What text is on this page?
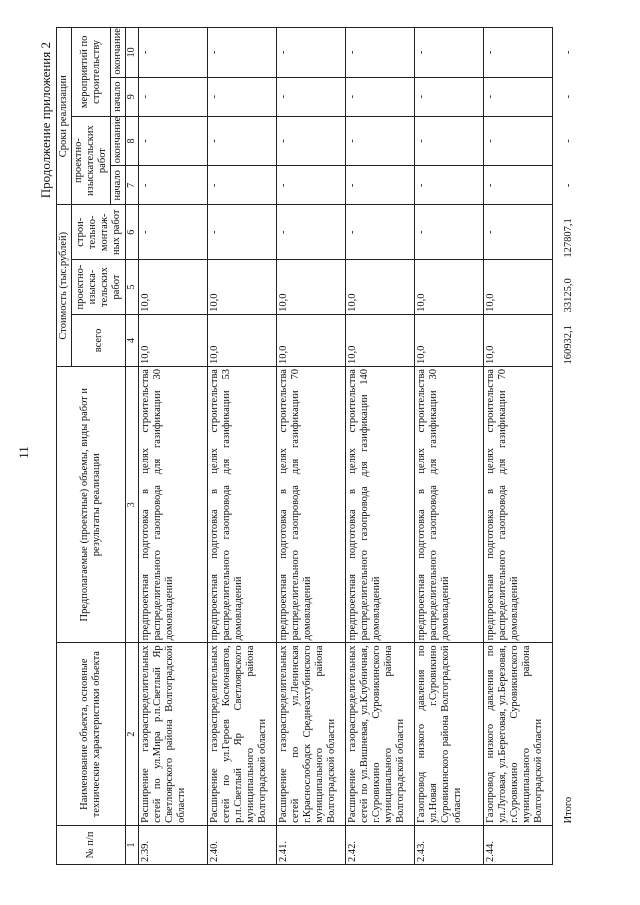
11
Продолжение приложения 2
№ п/п	Наименование объекта, основные технические характеристики объекта	Предполагаемые (проектные) объемы, виды работ и результаты реализации	Стоимость (тыс.рублей)			Сроки реализации			
			всего	проектно-изыска-тельских работ	строи-тельно-монтаж-ных работ	проектно-изыскательских работ		мероприятий по строительству	
						начало	окончание	начало	окончание
1	2	3	4	5	6	7	8	9	10
2.39.	Расширение газораспределительных сетей по ул.Мира р.п.Светлый Яр Светлоярского района Волгоградской области	предпроектная подготовка в целях строительства распределительного газопровода для газификации 30 домовладений	10,0	10,0	-	-	-	-	-
2.40.	Расширение газораспределительных сетей по ул.Героев Космонавтов, р.п.Светлый Яр Светлоярского муниципального района Волгоградской области	предпроектная подготовка в целях строительства распределительного газопровода для газификации 53 домовладений	10,0	10,0	-	-	-	-	-
2.41.	Расширение газораспределительных сетей по ул.Ленинская г.Краснослободск Среднеахтубинского муниципального района Волгоградской области	предпроектная подготовка в целях строительства распределительного газопровода для газификации 70 домовладений	10,0	10,0	-	-	-	-	-
2.42.	Расширение газораспределительных сетей по ул.Вишневая, ул.Клубничная, г.Суровикино Суровикинского муниципального района Волгоградской области	предпроектная подготовка в целях строительства распределительного газопровода для газификации 140 домовладений	10,0	10,0	-	-	-	-	-
2.43.	Газопровод низкого давления по ул.Новая г.Суровикино Суровикинского района Волгоградской области	предпроектная подготовка в целях строительства распределительного газопровода для газификации 30 домовладений	10,0	10,0	-	-	-	-	-
2.44.	Газопровод низкого давления по ул.Луговая, ул.Береговая, ул.Березовая, г.Суровикино Суровикинского муниципального района Волгоградской области	предпроектная подготовка в целях строительства распределительного газопровода для газификации 70 домовладений	10,0	10,0	-	-	-	-	-
	Итого		160932,1	33125,0	127807,1	-	-	-	-
